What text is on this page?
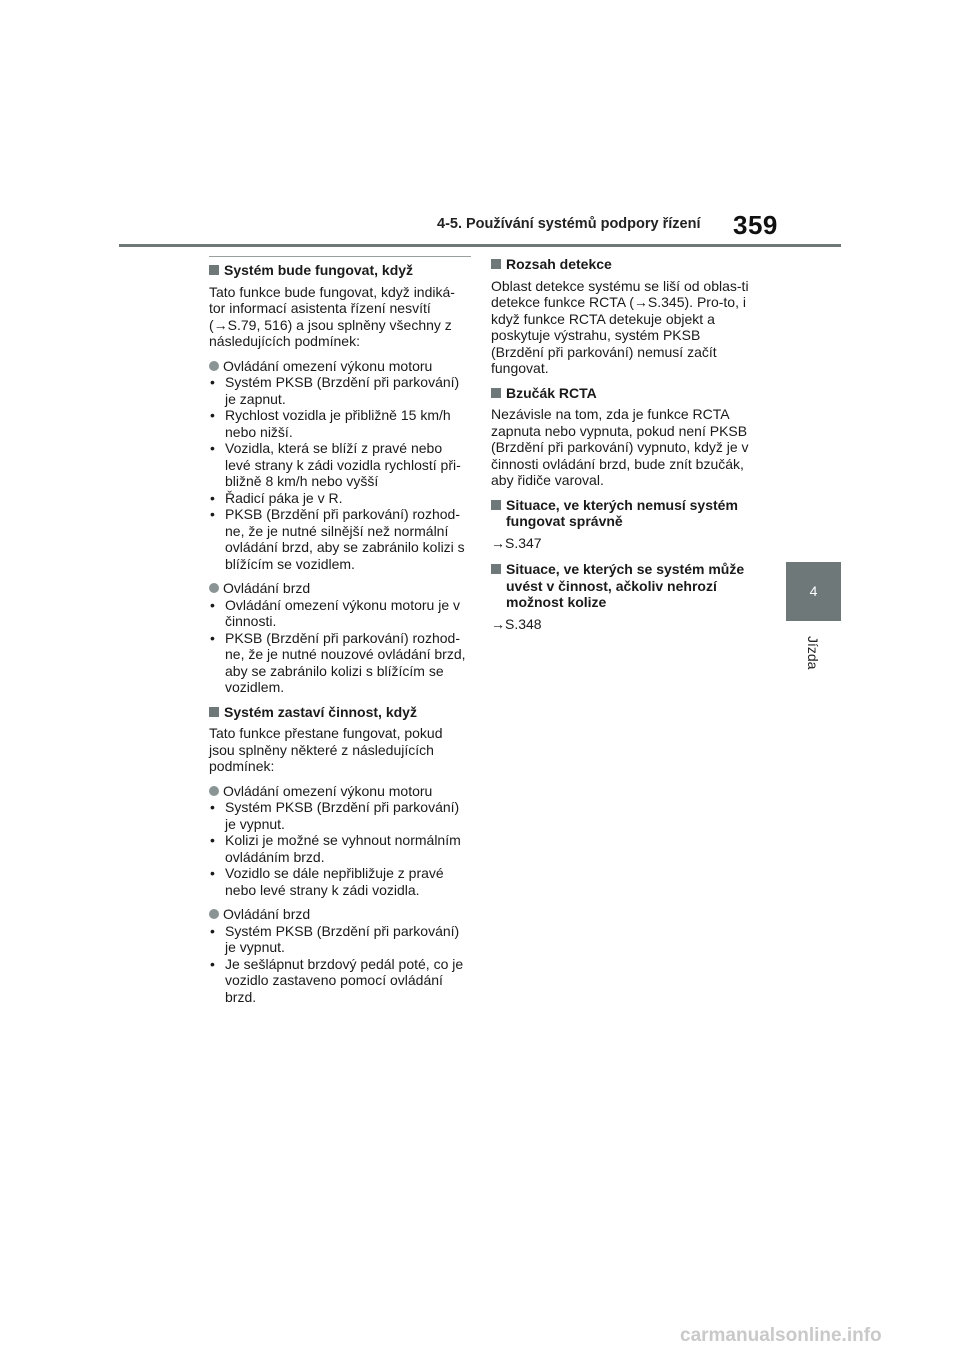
4-5. Používání systémů podpory řízení 359
4
Jízda
Systém bude fungovat, když
Tato funkce bude fungovat, když indiká-tor informací asistenta řízení nesvítí (→S.79, 516) a jsou splněny všechny z následujících podmínek:
Ovládání omezení výkonu motoru
• Systém PKSB (Brzdění při parkování) je zapnut.
• Rychlost vozidla je přibližně 15 km/h nebo nižší.
• Vozidla, která se blíží z pravé nebo levé strany k zádi vozidla rychlostí při-bližně 8 km/h nebo vyšší
• Řadicí páka je v R.
• PKSB (Brzdění při parkování) rozhod-ne, že je nutné silnější než normální ovládání brzd, aby se zabránilo kolizi s blížícím se vozidlem.
Ovládání brzd
• Ovládání omezení výkonu motoru je v činnosti.
• PKSB (Brzdění při parkování) rozhod-ne, že je nutné nouzové ovládání brzd, aby se zabránilo kolizi s blížícím se vozidlem.
Systém zastaví činnost, když
Tato funkce přestane fungovat, pokud jsou splněny některé z následujících podmínek:
Ovládání omezení výkonu motoru
• Systém PKSB (Brzdění při parkování) je vypnut.
• Kolizi je možné se vyhnout normálním ovládáním brzd.
• Vozidlo se dále nepřibližuje z pravé nebo levé strany k zádi vozidla.
Ovládání brzd
• Systém PKSB (Brzdění při parkování) je vypnut.
• Je sešlápnut brzdový pedál poté, co je vozidlo zastaveno pomocí ovládání brzd.
Rozsah detekce
Oblast detekce systému se liší od oblas-ti detekce funkce RCTA (→S.345). Pro-to, i když funkce RCTA detekuje objekt a poskytuje výstrahu, systém PKSB (Brzdění při parkování) nemusí začít fungovat.
Bzučák RCTA
Nezávisle na tom, zda je funkce RCTA zapnuta nebo vypnuta, pokud není PKSB (Brzdění při parkování) vypnuto, když je v činnosti ovládání brzd, bude znít bzučák, aby řidiče varoval.
Situace, ve kterých nemusí systém fungovat správně
→S.347
Situace, ve kterých se systém může uvést v činnost, ačkoliv nehrozí možnost kolize
→S.348
carmanualsonline.info
